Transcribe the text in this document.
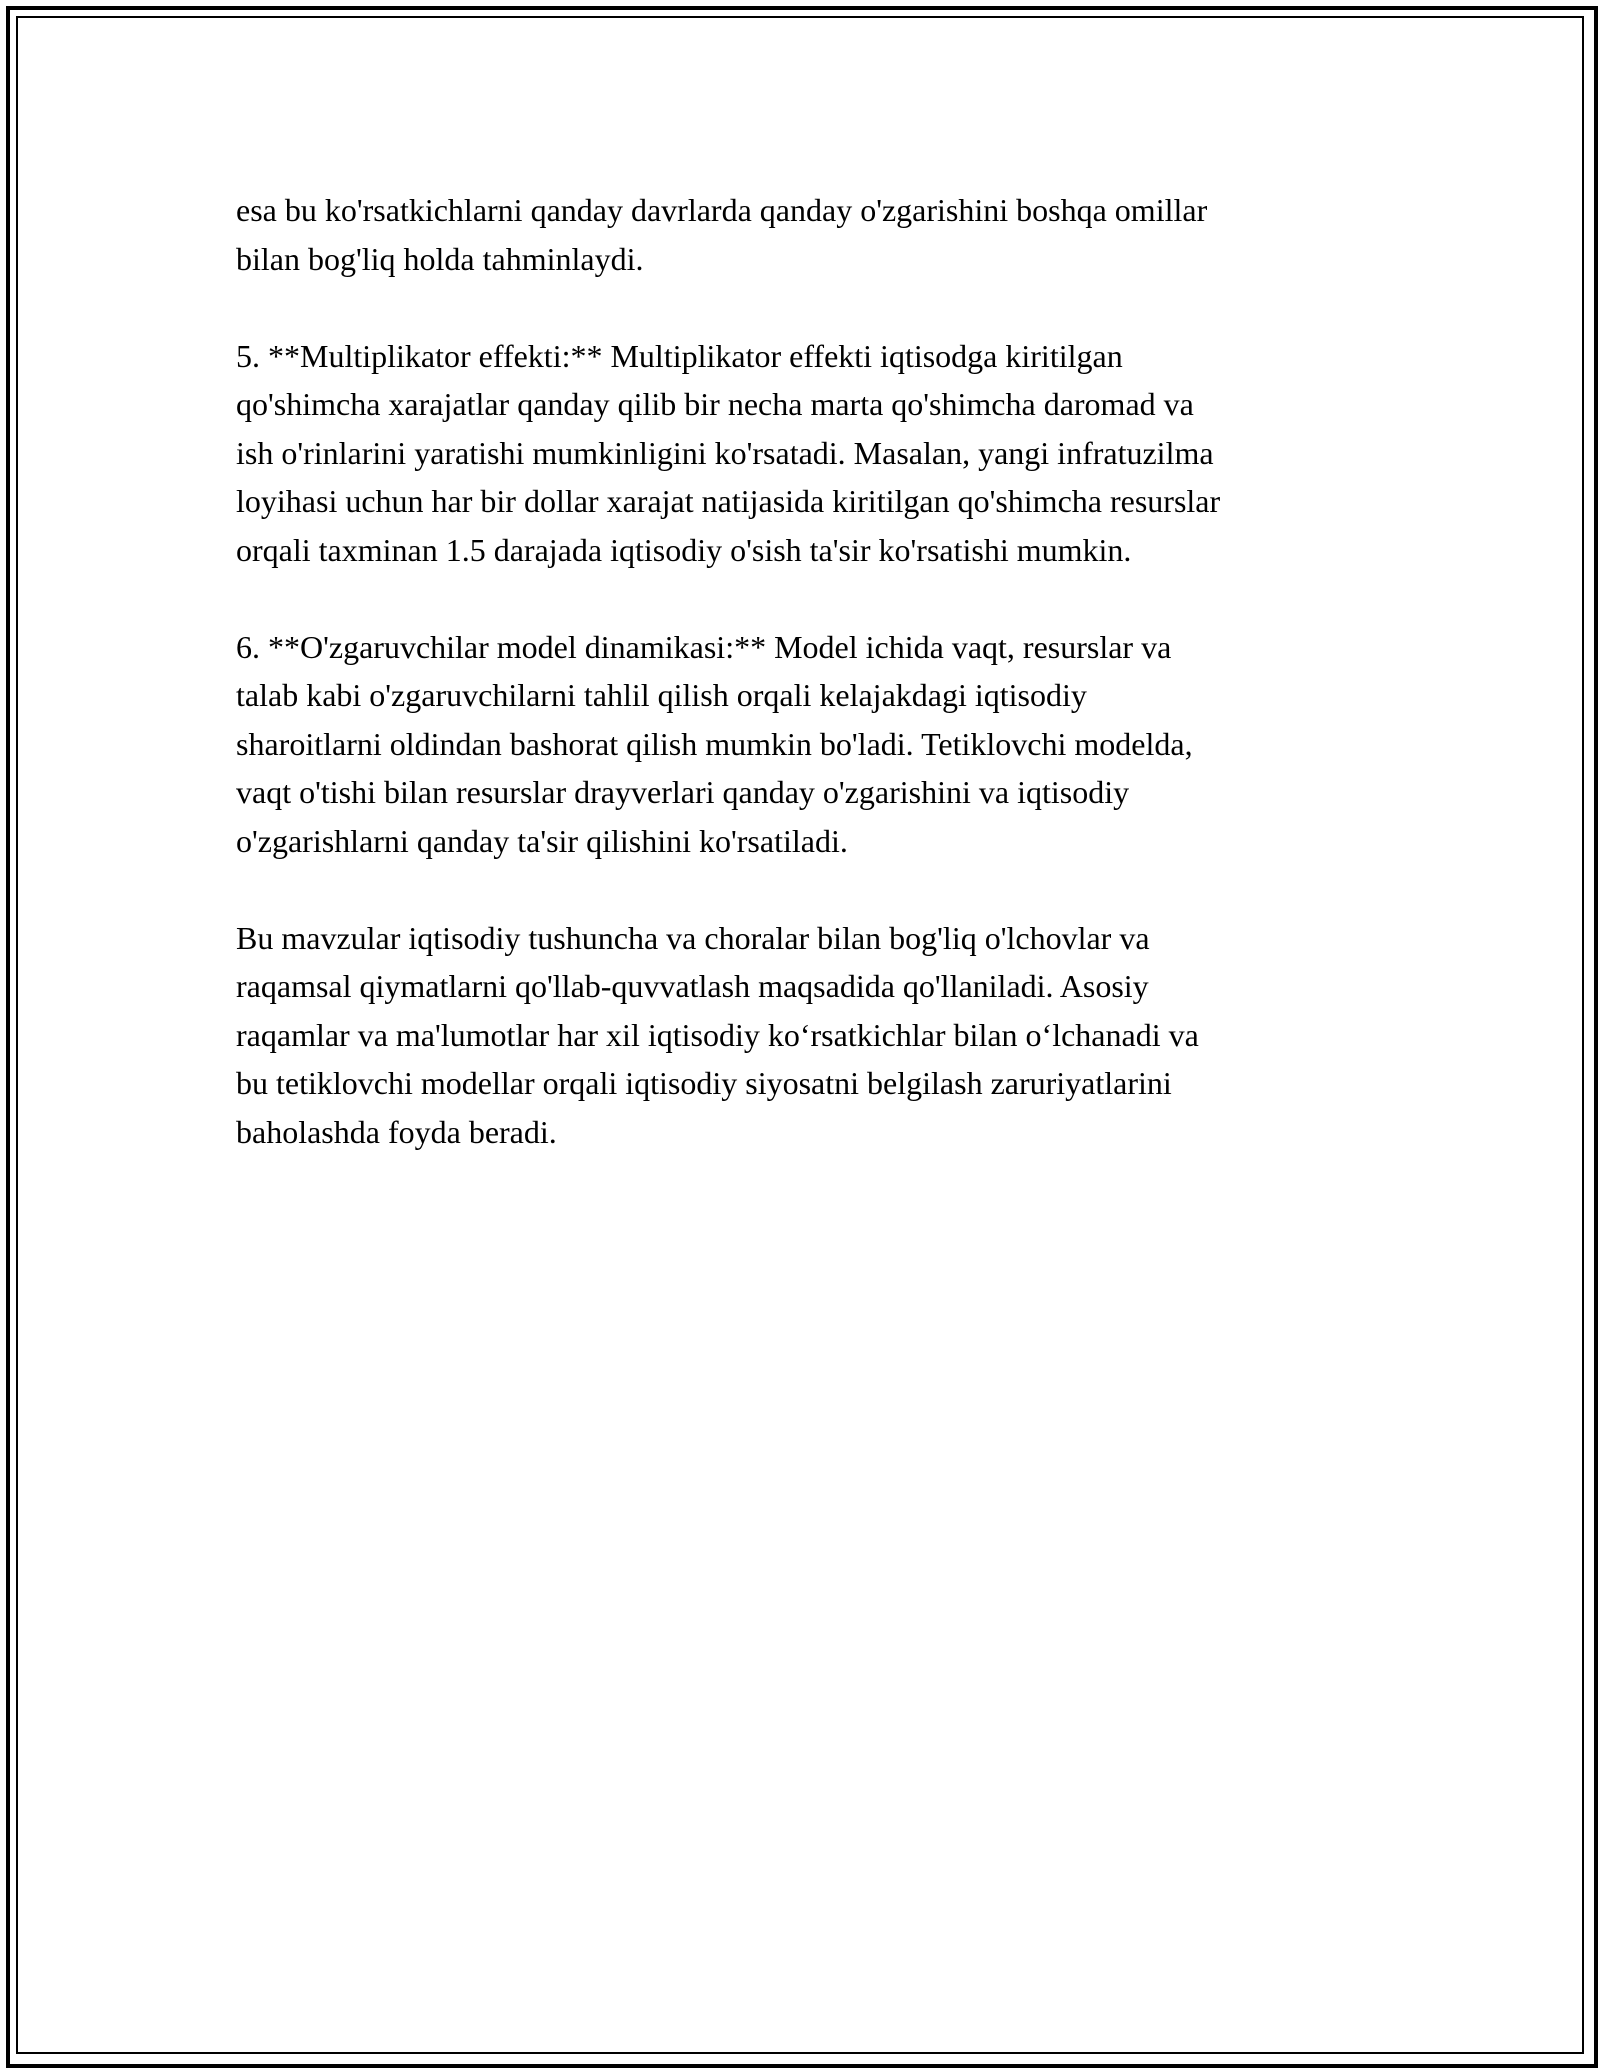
esa bu ko'rsatkichlarni qanday davrlarda qanday o'zgarishini boshqa omillar
bilan bog'liq holda tahminlaydi.

5. **Multiplikator effekti:** Multiplikator effekti iqtisodga kiritilgan
qo'shimcha xarajatlar qanday qilib bir necha marta qo'shimcha daromad va
ish o'rinlarini yaratishi mumkinligini ko'rsatadi. Masalan, yangi infratuzilma
loyihasi uchun har bir dollar xarajat natijasida kiritilgan qo'shimcha resurslar
orqali taxminan 1.5 darajada iqtisodiy o'sish ta'sir ko'rsatishi mumkin.

6. **O'zgaruvchilar model dinamikasi:** Model ichida vaqt, resurslar va
talab kabi o'zgaruvchilarni tahlil qilish orqali kelajakdagi iqtisodiy
sharoitlarni oldindan bashorat qilish mumkin bo'ladi. Tetiklovchi modelda,
vaqt o'tishi bilan resurslar drayverlari qanday o'zgarishini va iqtisodiy
o'zgarishlarni qanday ta'sir qilishini ko'rsatiladi.

Bu mavzular iqtisodiy tushuncha va choralar bilan bog'liq o'lchovlar va
raqamsal qiymatlarni qo'llab-quvvatlash maqsadida qo'llaniladi. Asosiy
raqamlar va ma'lumotlar har xil iqtisodiy ko‘rsatkichlar bilan o‘lchanadi va
bu tetiklovchi modellar orqali iqtisodiy siyosatni belgilash zaruriyatlarini
baholashda foyda beradi.
